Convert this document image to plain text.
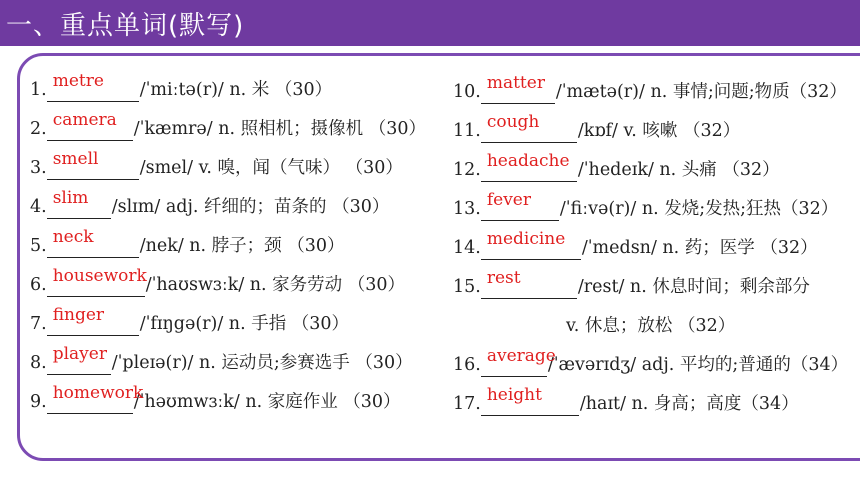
一、重点单词(默写)
1. metre /ˈmiːtə(r)/ n. 米 （30）
2. camera /ˈkæmrə/ n. 照相机；摄像机 （30）
3. smell /smel/ v. 嗅，闻（气味） （30）
4. slim /slɪm/ adj. 纤细的；苗条的 （30）
5. neck	/nek/ n. 脖子；颈 （30）
6. housework
/ˈhaʊswɜːk/ n. 家务劳动 （30）
7. finger /ˈfɪŋgə(r)/ n. 手指 （30）
8. player /ˈpleɪə(r)/ n. 运动员;参赛选手 （30）
9. homework
/ˈhəʊmwɜːk/ n. 家庭作业 （30）
10. matter /ˈmætə(r)/ n. 事情;问题;物质（32）
11. cough /kɒf/ v. 咳嗽 （32）
12. headache /ˈhedeɪk/ n. 头痛 （32）
13. fever /ˈfiːvə(r)/ n. 发烧;发热;狂热（32）
14. medicine /ˈmedsn/ n. 药；医学 （32）
15. rest	/rest/ n. 休息时间；剩余部分
16. average
/ˈævərɪdʒ/ adj. 平均的;普通的（34）
17. height /haɪt/ n. 身高；高度（34）
v. 休息；放松 （32）
